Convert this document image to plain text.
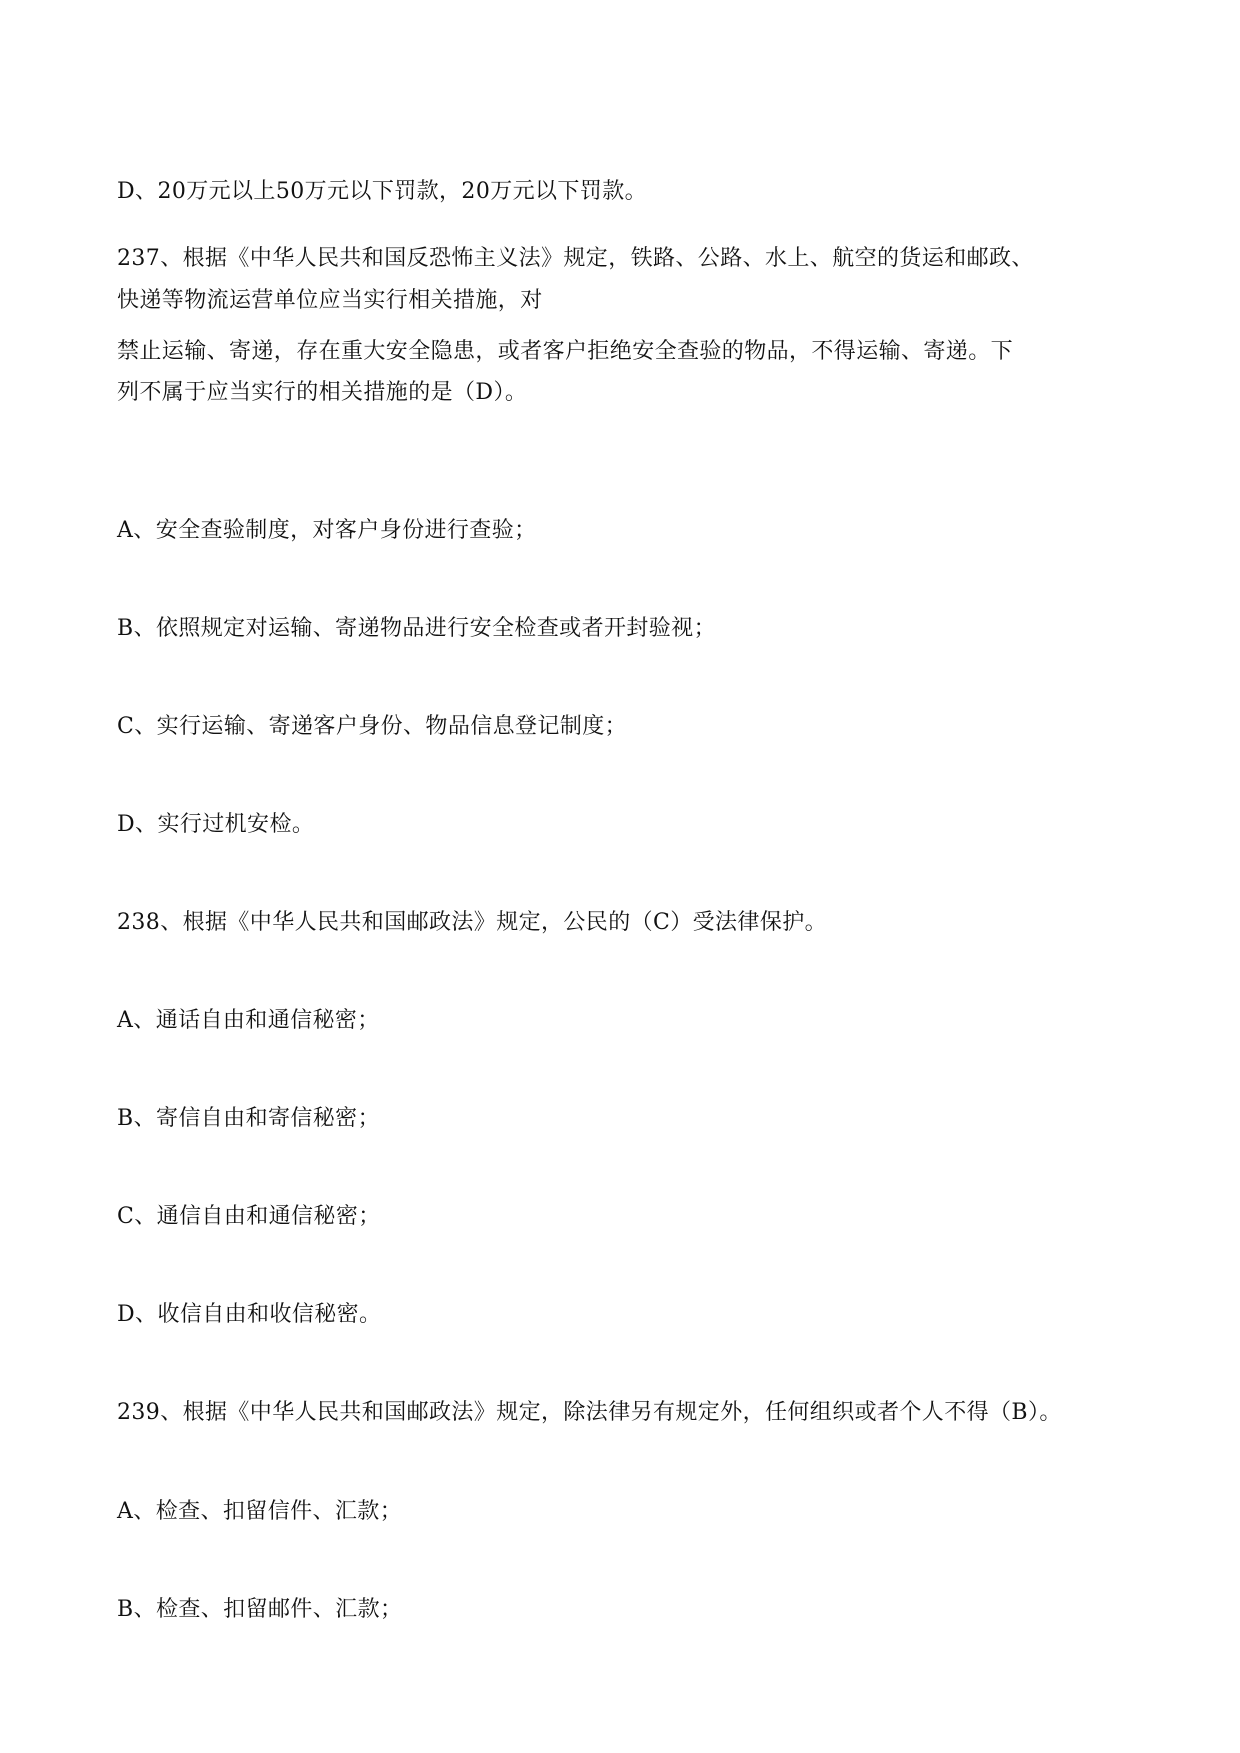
D、20万元以上50万元以下罚款，20万元以下罚款。
237、根据《中华人民共和国反恐怖主义法》规定，铁路、公路、水上、航空的货运和邮政、
快递等物流运营单位应当实行相关措施，对
禁止运输、寄递，存在重大安全隐患，或者客户拒绝安全查验的物品，不得运输、寄递。下
列不属于应当实行的相关措施的是（D）。
A、安全查验制度，对客户身份进行查验；
B、依照规定对运输、寄递物品进行安全检查或者开封验视；
C、实行运输、寄递客户身份、物品信息登记制度；
D、实行过机安检。
238、根据《中华人民共和国邮政法》规定，公民的（C）受法律保护。
A、通话自由和通信秘密；
B、寄信自由和寄信秘密；
C、通信自由和通信秘密；
D、收信自由和收信秘密。
239、根据《中华人民共和国邮政法》规定，除法律另有规定外，任何组织或者个人不得（B）。
A、检查、扣留信件、汇款；
B、检查、扣留邮件、汇款；
